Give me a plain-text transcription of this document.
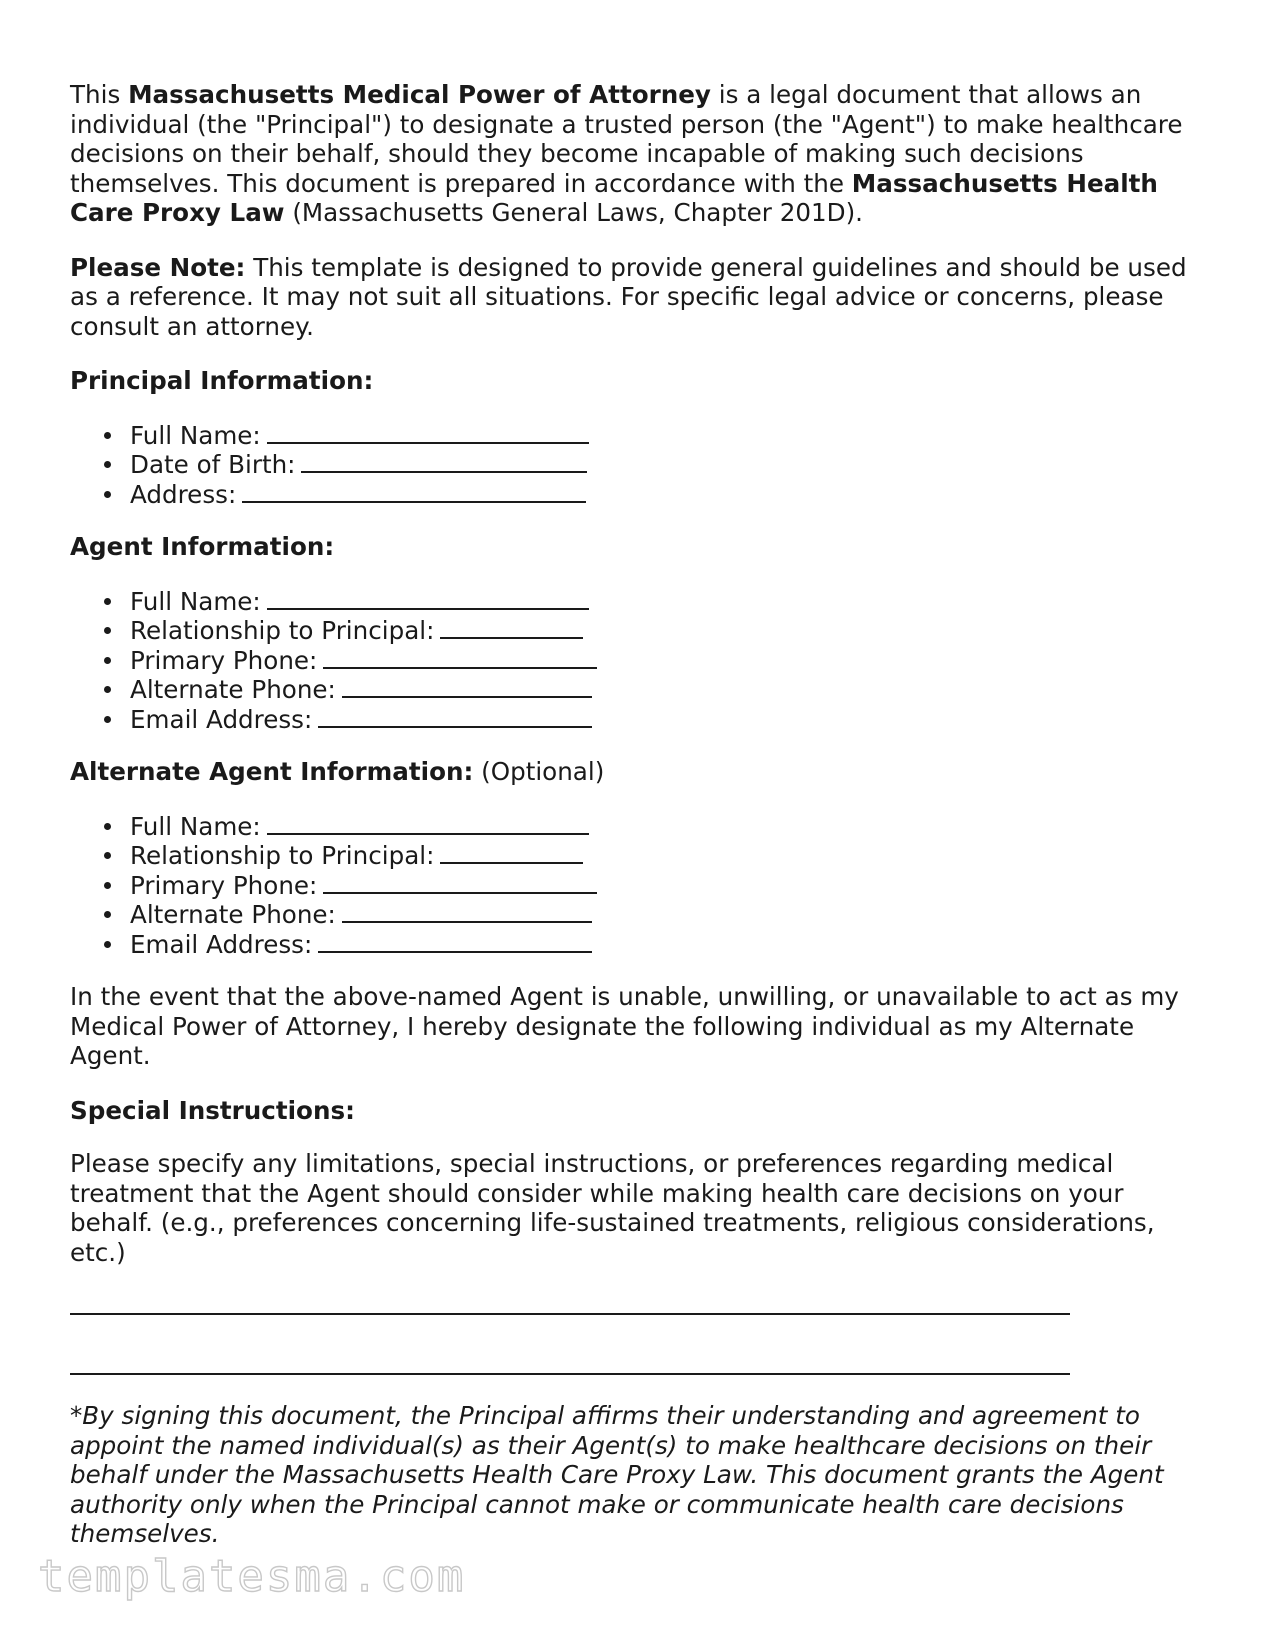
This Massachusetts Medical Power of Attorney is a legal document that allows an individual (the "Principal") to designate a trusted person (the "Agent") to make healthcare decisions on their behalf, should they become incapable of making such decisions themselves. This document is prepared in accordance with the Massachusetts Health Care Proxy Law (Massachusetts General Laws, Chapter 201D).

Please Note: This template is designed to provide general guidelines and should be used as a reference. It may not suit all situations. For specific legal advice or concerns, please consult an attorney.

Principal Information:

Full Name:
Date of Birth:
Address:

Agent Information:

Full Name:
Relationship to Principal:
Primary Phone:
Alternate Phone:
Email Address:

Alternate Agent Information: (Optional)

Full Name:
Relationship to Principal:
Primary Phone:
Alternate Phone:
Email Address:

In the event that the above-named Agent is unable, unwilling, or unavailable to act as my Medical Power of Attorney, I hereby designate the following individual as my Alternate Agent.

Special Instructions:

Please specify any limitations, special instructions, or preferences regarding medical treatment that the Agent should consider while making health care decisions on your behalf. (e.g., preferences concerning life-sustained treatments, religious considerations, etc.)

*By signing this document, the Principal affirms their understanding and agreement to appoint the named individual(s) as their Agent(s) to make healthcare decisions on their behalf under the Massachusetts Health Care Proxy Law. This document grants the Agent authority only when the Principal cannot make or communicate health care decisions themselves.

templatesma.com
